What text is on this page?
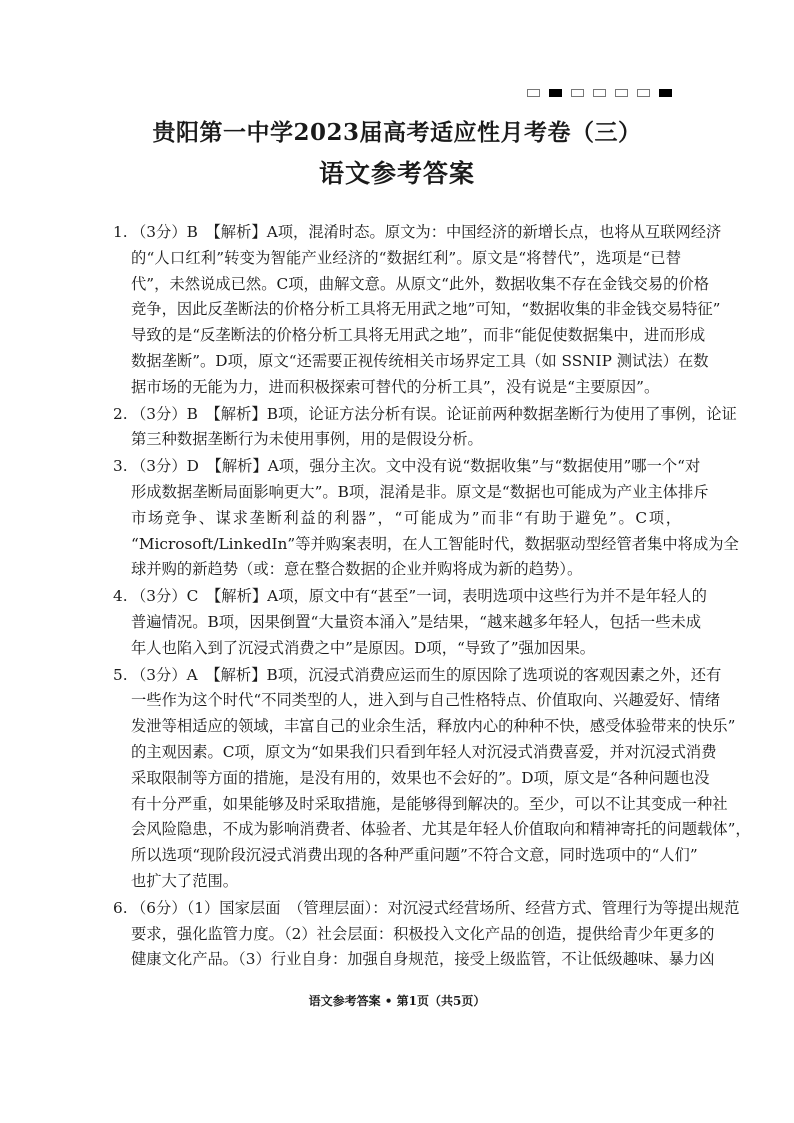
贵阳第一中学2023届高考适应性月考卷（三）
语文参考答案
1. （3分）B　【解析】A项，混淆时态。原文为：中国经济的新增长点，也将从互联网经济
的“人口红利”转变为智能产业经济的“数据红利”。原文是“将替代”，选项是“已替
代”，未然说成已然。C项，曲解文意。从原文“此外，数据收集不存在金钱交易的价格
竞争，因此反垄断法的价格分析工具将无用武之地”可知，“数据收集的非金钱交易特征”
导致的是“反垄断法的价格分析工具将无用武之地”，而非“能促使数据集中，进而形成
数据垄断”。D项，原文“还需要正视传统相关市场界定工具（如 SSNIP 测试法）在数
据市场的无能为力，进而积极探索可替代的分析工具”，没有说是“主要原因”。
2. （3分）B　【解析】B项，论证方法分析有误。论证前两种数据垄断行为使用了事例，论证
第三种数据垄断行为未使用事例，用的是假设分析。
3. （3分）D　【解析】A项，强分主次。文中没有说“数据收集”与“数据使用”哪一个“对
形成数据垄断局面影响更大”。B项，混淆是非。原文是“数据也可能成为产业主体排斥
市场竞争、谋求垄断利益的利器”，“可能成为”而非“有助于避免”。C项，
“Microsoft/LinkedIn”等并购案表明，在人工智能时代，数据驱动型经管者集中将成为全
球并购的新趋势（或：意在整合数据的企业并购将成为新的趋势）。
4. （3分）C　【解析】A项，原文中有“甚至”一词，表明选项中这些行为并不是年轻人的
普遍情况。B项，因果倒置“大量资本涌入”是结果，“越来越多年轻人，包括一些未成
年人也陷入到了沉浸式消费之中”是原因。D项，“导致了”强加因果。
5. （3分）A　【解析】B项，沉浸式消费应运而生的原因除了选项说的客观因素之外，还有
一些作为这个时代“不同类型的人，进入到与自己性格特点、价值取向、兴趣爱好、情绪
发泄等相适应的领域，丰富自己的业余生活，释放内心的种种不快，感受体验带来的快乐”
的主观因素。C项，原文为“如果我们只看到年轻人对沉浸式消费喜爱，并对沉浸式消费
采取限制等方面的措施，是没有用的，效果也不会好的”。D项，原文是“各种问题也没
有十分严重，如果能够及时采取措施，是能够得到解决的。至少，可以不让其变成一种社
会风险隐患，不成为影响消费者、体验者、尤其是年轻人价值取向和精神寄托的问题载体”，
所以选项“现阶段沉浸式消费出现的各种严重问题”不符合文意，同时选项中的“人们”
也扩大了范围。
6. （6分）（1）国家层面　（管理层面）：对沉浸式经营场所、经营方式、管理行为等提出规范
要求，强化监管力度。（2）社会层面：积极投入文化产品的创造，提供给青少年更多的
健康文化产品。（3）行业自身：加强自身规范，接受上级监管，不让低级趣味、暴力凶
语文参考答案 • 第1页（共5页）
